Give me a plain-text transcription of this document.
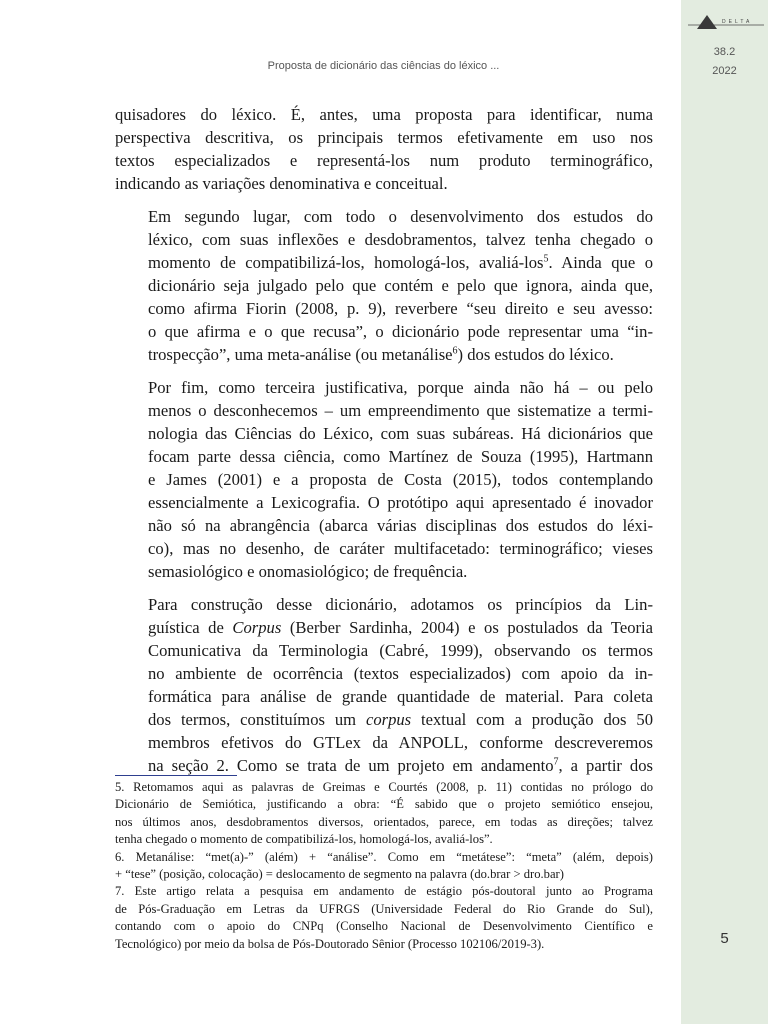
DELTA
38.2
2022
Proposta de dicionário das ciências do léxico ...

quisadores do léxico. É, antes, uma proposta para identificar, numa
perspectiva descritiva, os principais termos efetivamente em uso nos
textos especializados e representá-los num produto terminográfico,
indicando as variações denominativa e conceitual.

Em segundo lugar, com todo o desenvolvimento dos estudos do
léxico, com suas inflexões e desdobramentos, talvez tenha chegado o
momento de compatibilizá-los, homologá-los, avaliá-los$^5$. Ainda que o
dicionário seja julgado pelo que contém e pelo que ignora, ainda que,
como afirma Fiorin (2008, p. 9), reverbere “seu direito e seu avesso:
o que afirma e o que recusa”, o dicionário pode representar uma “in-
trospecção”, uma meta-análise (ou metanálise$^6$) dos estudos do léxico.

Por fim, como terceira justificativa, porque ainda não há – ou pelo
menos o desconhecemos – um empreendimento que sistematize a termi-
nologia das Ciências do Léxico, com suas subáreas. Há dicionários que
focam parte dessa ciência, como Martínez de Souza (1995), Hartmann
e James (2001) e a proposta de Costa (2015), todos contemplando
essencialmente a Lexicografia. O protótipo aqui apresentado é inovador
não só na abrangência (abarca várias disciplinas dos estudos do léxi-
co), mas no desenho, de caráter multifacetado: terminográfico; vieses
semasiológico e onomasiológico; de frequência.

Para construção desse dicionário, adotamos os princípios da Lin-
guística de Corpus (Berber Sardinha, 2004) e os postulados da Teoria
Comunicativa da Terminologia (Cabré, 1999), observando os termos
no ambiente de ocorrência (textos especializados) com apoio da in-
formática para análise de grande quantidade de material. Para coleta
dos termos, constituímos um corpus textual com a produção dos 50
membros efetivos do GTLex da ANPOLL, conforme descreveremos
na seção 2. Como se trata de um projeto em andamento$^7$, a partir dos

5. Retomamos aqui as palavras de Greimas e Courtés (2008, p. 11) contidas no prólogo do
Dicionário de Semiótica, justificando a obra: “É sabido que o projeto semiótico ensejou,
nos últimos anos, desdobramentos diversos, orientados, parece, em todas as direções; talvez
tenha chegado o momento de compatibilizá-los, homologá-los, avaliá-los”.
6. Metanálise: “met(a)-” (além) + “análise”. Como em “metátese”: “meta” (além, depois)
+ “tese” (posição, colocação) = deslocamento de segmento na palavra (do.brar > dro.bar)
7. Este artigo relata a pesquisa em andamento de estágio pós-doutoral junto ao Programa
de Pós-Graduação em Letras da UFRGS (Universidade Federal do Rio Grande do Sul),
contando com o apoio do CNPq (Conselho Nacional de Desenvolvimento Científico e
Tecnológico) por meio da bolsa de Pós-Doutorado Sênior (Processo 102106/2019-3).	5
